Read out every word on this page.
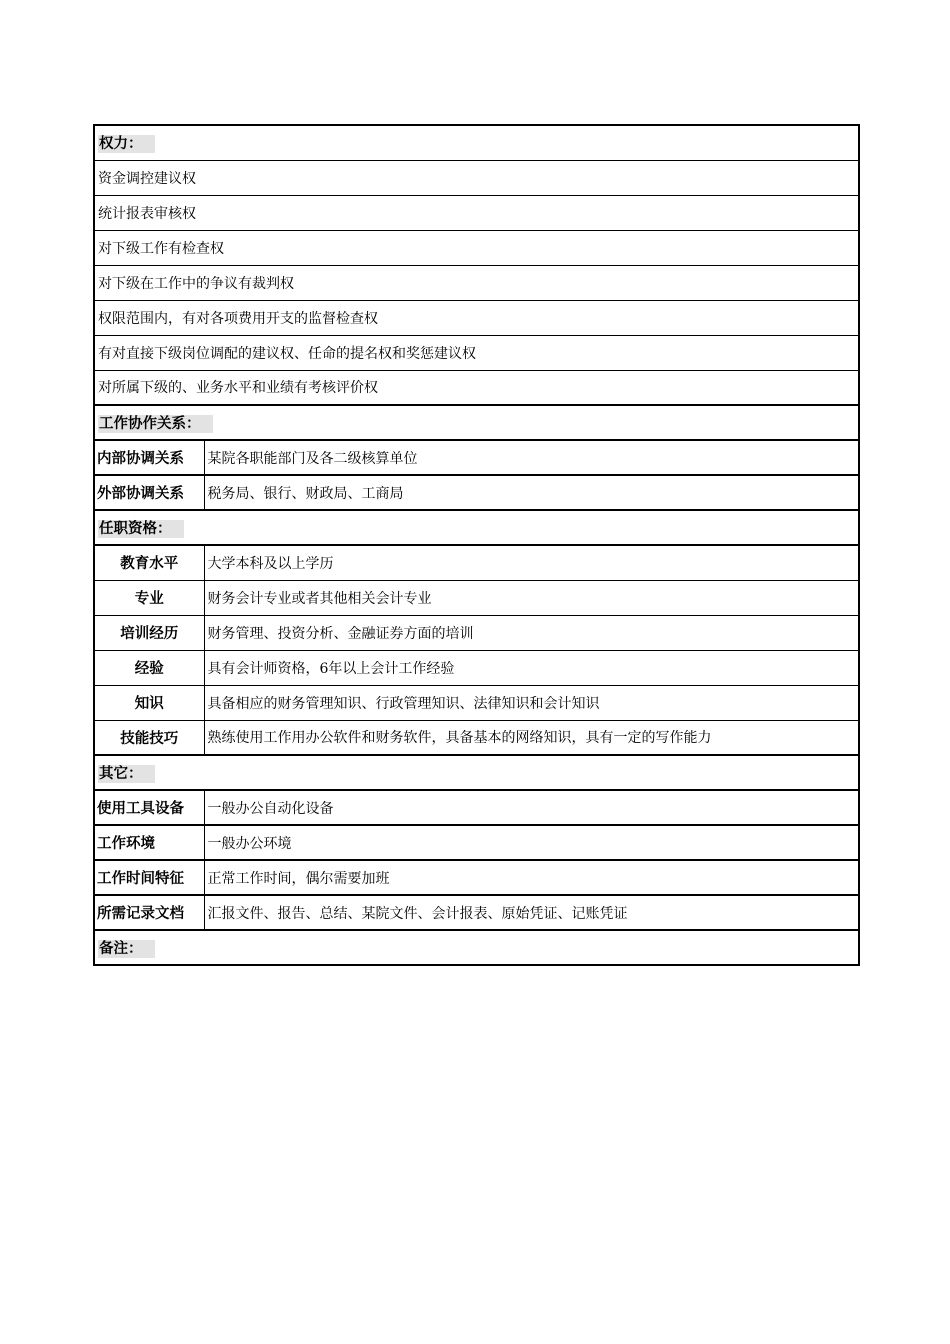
权力：	
资金调控建议权	
统计报表审核权	
对下级工作有检查权	
对下级在工作中的争议有裁判权	
权限范围内，有对各项费用开支的监督检查权	
有对直接下级岗位调配的建议权、任命的提名权和奖惩建议权	
对所属下级的、业务水平和业绩有考核评价权	
工作协作关系：	
内部协调关系	某院各职能部门及各二级核算单位
外部协调关系	税务局、银行、财政局、工商局
任职资格：	
教育水平	大学本科及以上学历
专业	财务会计专业或者其他相关会计专业
培训经历	财务管理、投资分析、金融证券方面的培训
经验	具有会计师资格，6年以上会计工作经验
知识	具备相应的财务管理知识、行政管理知识、法律知识和会计知识
技能技巧	熟练使用工作用办公软件和财务软件，具备基本的网络知识，具有一定的写作能力
其它：	
使用工具设备	一般办公自动化设备
工作环境	一般办公环境
工作时间特征	正常工作时间，偶尔需要加班
所需记录文档	汇报文件、报告、总结、某院文件、会计报表、原始凭证、记账凭证
备注：	
